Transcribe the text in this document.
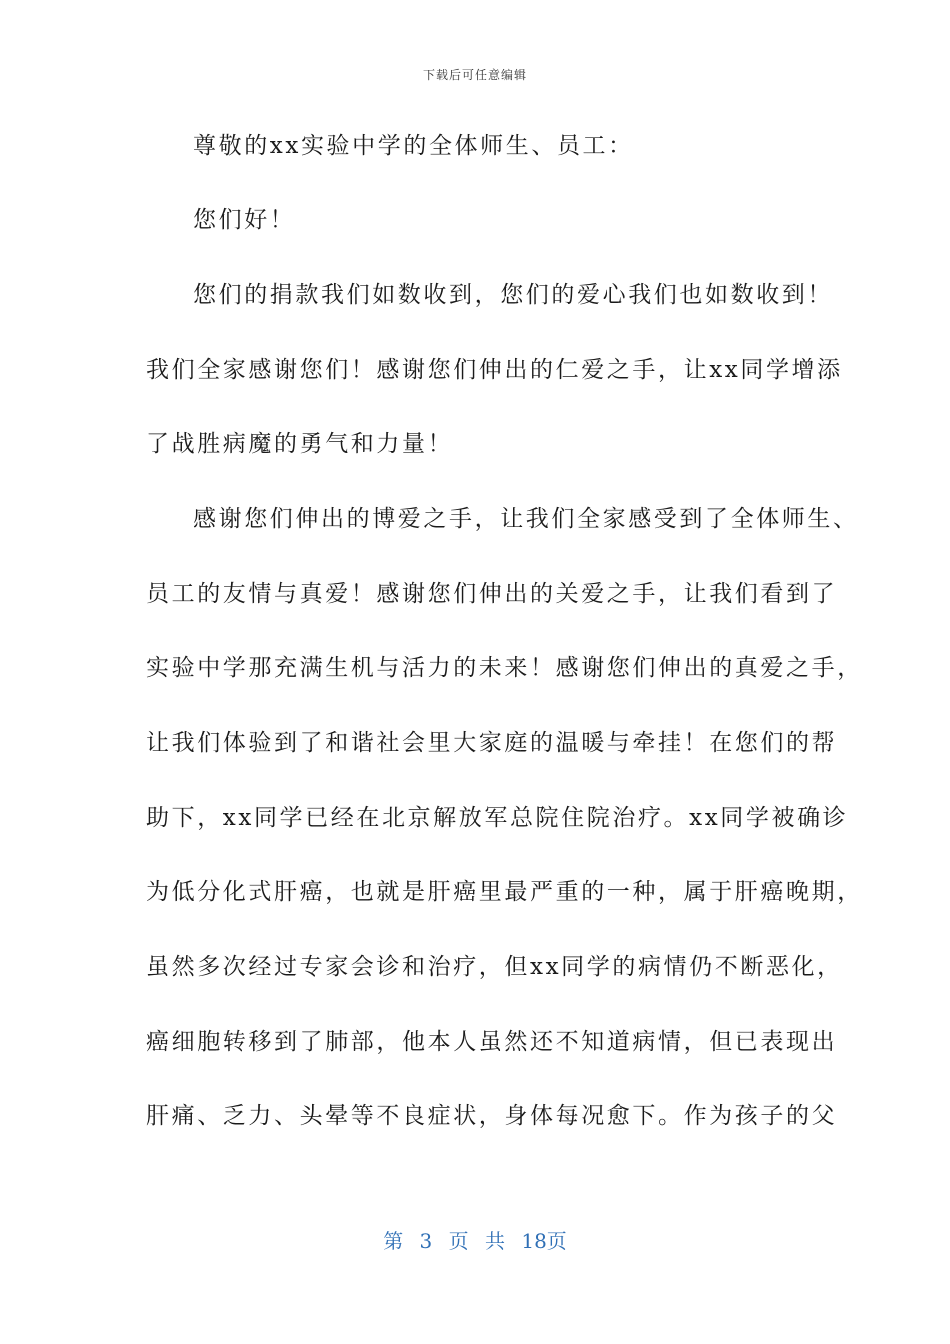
下载后可任意编辑
尊敬的xx实验中学的全体师生、员工：
您们好！
您们的捐款我们如数收到，您们的爱心我们也如数收到！
我们全家感谢您们！感谢您们伸出的仁爱之手，让xx同学增添
了战胜病魔的勇气和力量！
感谢您们伸出的博爱之手，让我们全家感受到了全体师生、
员工的友情与真爱！感谢您们伸出的关爱之手，让我们看到了
实验中学那充满生机与活力的未来！感谢您们伸出的真爱之手，
让我们体验到了和谐社会里大家庭的温暖与牵挂！在您们的帮
助下，xx同学已经在北京解放军总院住院治疗。xx同学被确诊
为低分化式肝癌，也就是肝癌里最严重的一种，属于肝癌晚期，
虽然多次经过专家会诊和治疗，但xx同学的病情仍不断恶化，
癌细胞转移到了肺部，他本人虽然还不知道病情，但已表现出
肝痛、乏力、头晕等不良症状，身体每况愈下。作为孩子的父
第 3 页 共 18页
